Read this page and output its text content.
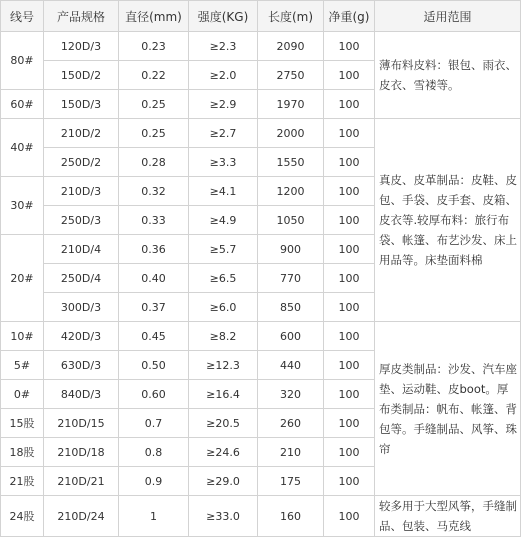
线号	产品规格	直径(mm)	强度(KG)	长度(m)	净重(g)	适用范围
80#	120D/3	0.23	≥2.3	2090	100	薄布料皮料：银包、雨衣、皮衣、雪褛等。
	150D/2	0.22	≥2.0	2750	100	
60#	150D/3	0.25	≥2.9	1970	100	
40#	210D/2	0.25	≥2.7	2000	100	真皮、皮革制品：皮鞋、皮包、手袋、皮手套、皮箱、皮衣等.较厚布料：旅行布袋、帐篷、布艺沙发、床上用品等。床垫面料棉
	250D/2	0.28	≥3.3	1550	100	
30#	210D/3	0.32	≥4.1	1200	100	
	250D/3	0.33	≥4.9	1050	100	
20#	210D/4	0.36	≥5.7	900	100	
	250D/4	0.40	≥6.5	770	100	
	300D/3	0.37	≥6.0	850	100	
10#	420D/3	0.45	≥8.2	600	100	厚皮类制品：沙发、汽车座垫、运动鞋、皮boot。厚布类制品：帆布、帐篷、背包等。手缝制品、风筝、珠帘
5#	630D/3	0.50	≥12.3	440	100	
0#	840D/3	0.60	≥16.4	320	100	
15股	210D/15	0.7	≥20.5	260	100	
18股	210D/18	0.8	≥24.6	210	100	
21股	210D/21	0.9	≥29.0	175	100	
24股	210D/24	1	≥33.0	160	100	较多用于大型风筝，手缝制品、包装、马克线
